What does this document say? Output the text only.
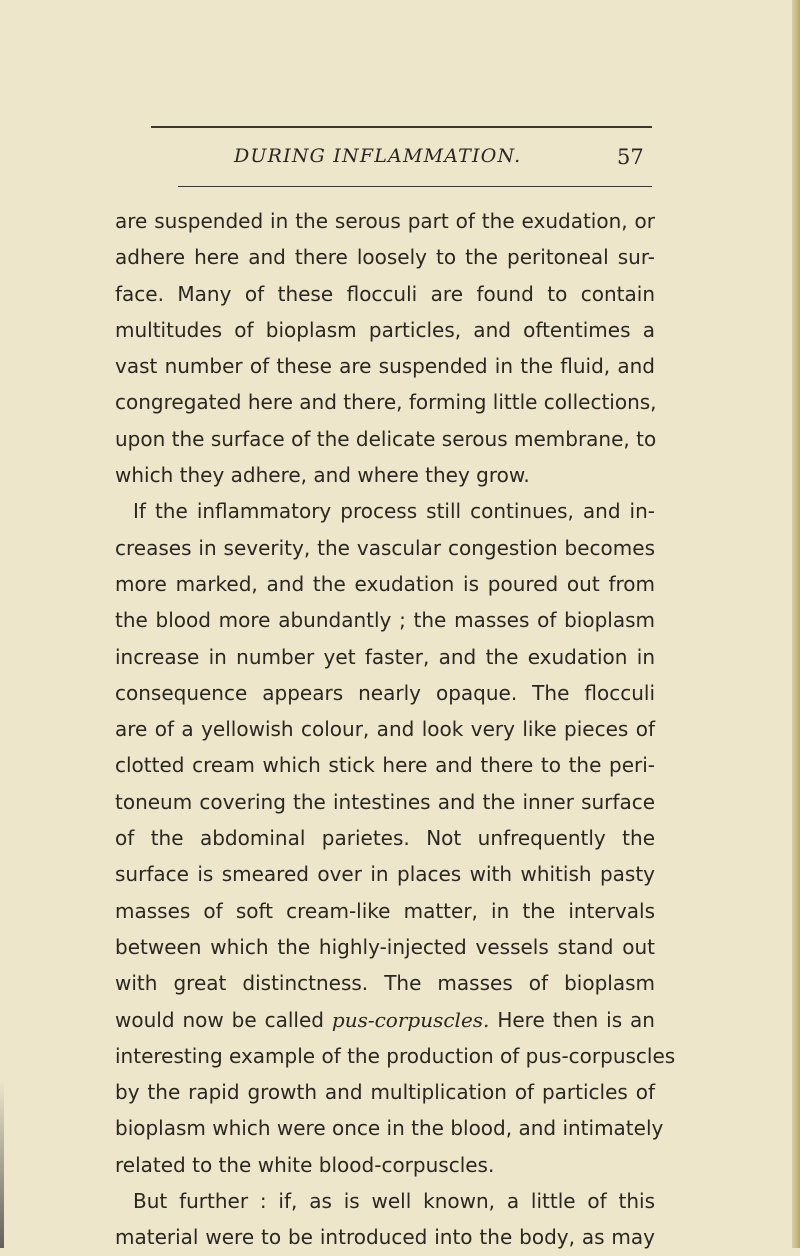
DURING INFLAMMATION.	57
are suspended in the serous part of the exudation, or
adhere here and there loosely to the peritoneal sur-
face. Many of these flocculi are found to contain
multitudes of bioplasm particles, and oftentimes a
vast number of these are suspended in the fluid, and
congregated here and there, forming little collections,
upon the surface of the delicate serous membrane, to
which they adhere, and where they grow.
If the inflammatory process still continues, and in-
creases in severity, the vascular congestion becomes
more marked, and the exudation is poured out from
the blood more abundantly ; the masses of bioplasm
increase in number yet faster, and the exudation in
consequence appears nearly opaque. The flocculi
are of a yellowish colour, and look very like pieces of
clotted cream which stick here and there to the peri-
toneum covering the intestines and the inner surface
of the abdominal parietes. Not unfrequently the
surface is smeared over in places with whitish pasty
masses of soft cream-like matter, in the intervals
between which the highly-injected vessels stand out
with great distinctness. The masses of bioplasm
would now be called pus-corpuscles. Here then is an
interesting example of the production of pus-corpuscles
by the rapid growth and multiplication of particles of
bioplasm which were once in the blood, and intimately
related to the white blood-corpuscles.
But further : if, as is well known, a little of this
material were to be introduced into the body, as may
